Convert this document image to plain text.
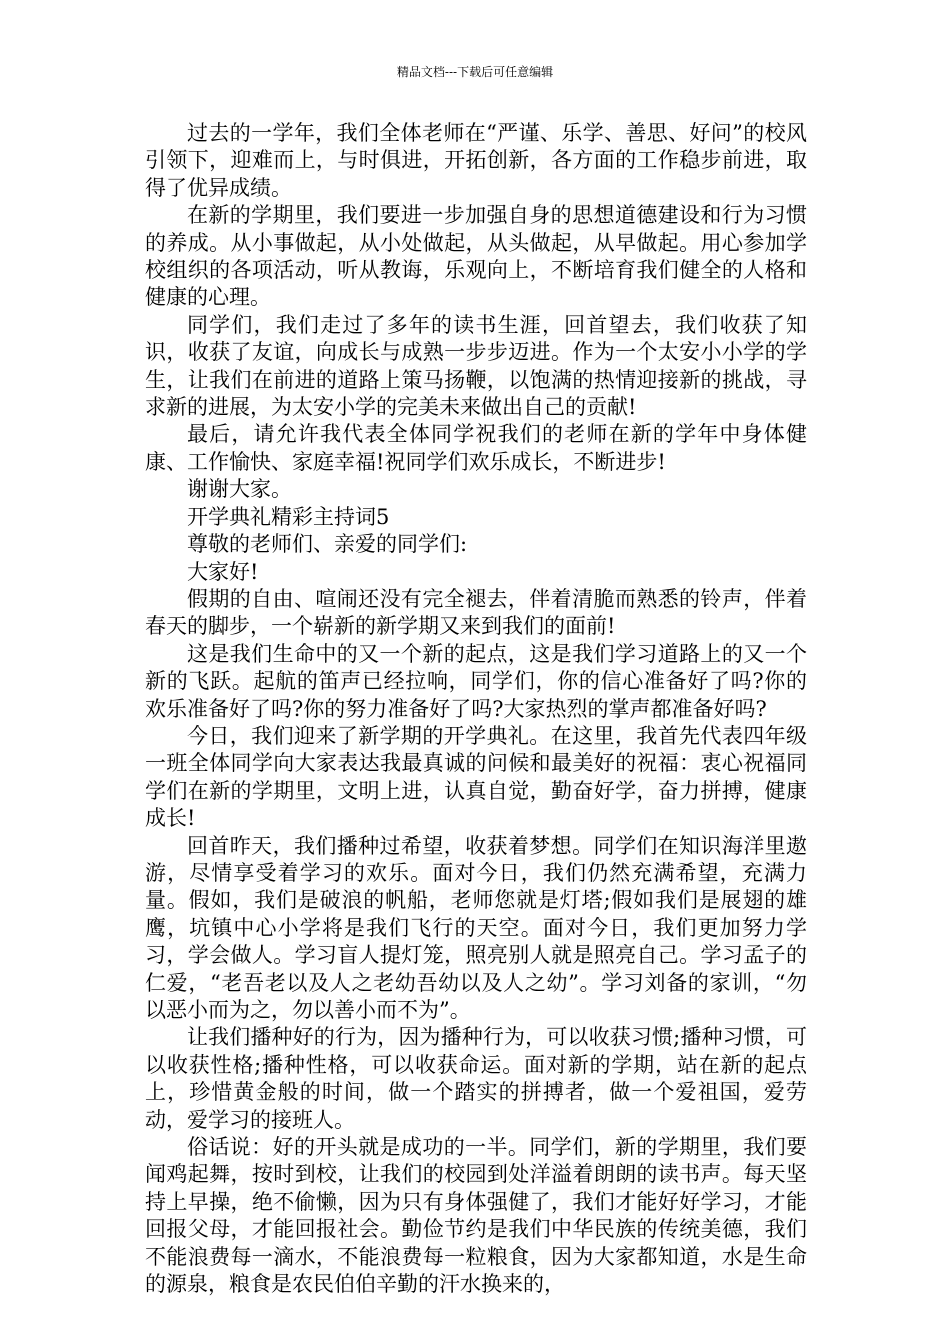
精品文档---下载后可任意编辑

过去的一学年，我们全体老师在“严谨、乐学、善思、好问”的校风引领下，迎难而上，与时俱进，开拓创新，各方面的工作稳步前进，取得了优异成绩。

在新的学期里，我们要进一步加强自身的思想道德建设和行为习惯的养成。从小事做起，从小处做起，从头做起，从早做起。用心参加学校组织的各项活动，听从教诲，乐观向上，不断培育我们健全的人格和健康的心理。

同学们，我们走过了多年的读书生涯，回首望去，我们收获了知识，收获了友谊，向成长与成熟一步步迈进。作为一个太安小小学的学生，让我们在前进的道路上策马扬鞭，以饱满的热情迎接新的挑战，寻求新的进展，为太安小学的完美未来做出自己的贡献!

最后，请允许我代表全体同学祝我们的老师在新的学年中身体健康、工作愉快、家庭幸福!祝同学们欢乐成长，不断进步!

谢谢大家。

开学典礼精彩主持词5

尊敬的老师们、亲爱的同学们:

大家好!

假期的自由、喧闹还没有完全褪去，伴着清脆而熟悉的铃声，伴着春天的脚步，一个崭新的新学期又来到我们的面前!

这是我们生命中的又一个新的起点，这是我们学习道路上的又一个新的飞跃。起航的笛声已经拉响，同学们，你的信心准备好了吗?你的欢乐准备好了吗?你的努力准备好了吗?大家热烈的掌声都准备好吗?

今日，我们迎来了新学期的开学典礼。在这里，我首先代表四年级一班全体同学向大家表达我最真诚的问候和最美好的祝福：衷心祝福同学们在新的学期里，文明上进，认真自觉，勤奋好学，奋力拼搏，健康成长!

回首昨天，我们播种过希望，收获着梦想。同学们在知识海洋里遨游，尽情享受着学习的欢乐。面对今日，我们仍然充满希望，充满力量。假如，我们是破浪的帆船，老师您就是灯塔;假如我们是展翅的雄鹰，坑镇中心小学将是我们飞行的天空。面对今日，我们更加努力学习，学会做人。学习盲人提灯笼，照亮别人就是照亮自己。学习孟子的仁爱，“老吾老以及人之老幼吾幼以及人之幼”。学习刘备的家训，“勿以恶小而为之，勿以善小而不为”。

让我们播种好的行为，因为播种行为，可以收获习惯;播种习惯，可以收获性格;播种性格，可以收获命运。面对新的学期，站在新的起点上，珍惜黄金般的时间，做一个踏实的拼搏者，做一个爱祖国，爱劳动，爱学习的接班人。

俗话说：好的开头就是成功的一半。同学们，新的学期里，我们要闻鸡起舞，按时到校，让我们的校园到处洋溢着朗朗的读书声。每天坚持上早操，绝不偷懒，因为只有身体强健了，我们才能好好学习，才能回报父母，才能回报社会。勤俭节约是我们中华民族的传统美德，我们不能浪费每一滴水，不能浪费每一粒粮食，因为大家都知道，水是生命的源泉，粮食是农民伯伯辛勤的汗水换来的，
